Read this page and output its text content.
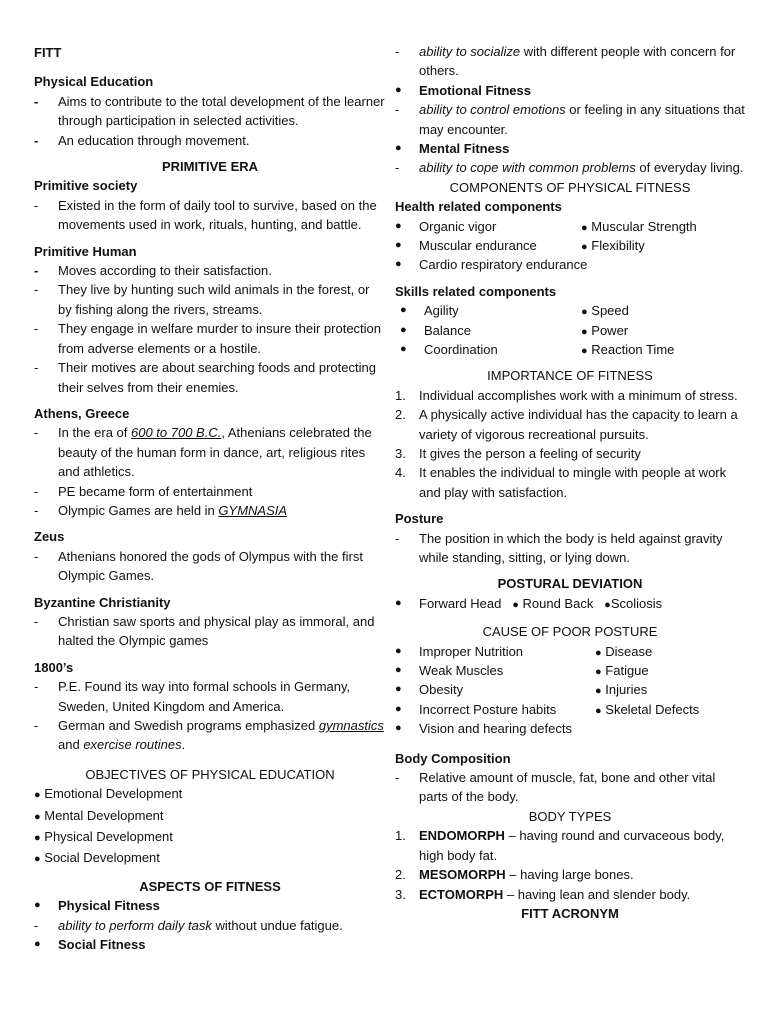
FITT
Physical Education
-	Aims to contribute to the total development of the learner through participation in selected activities.
-	An education through movement.
PRIMITIVE ERA
Primitive society
-	Existed in the form of daily tool to survive, based on the movements used in work, rituals, hunting, and battle.
Primitive Human
-	Moves according to their satisfaction.
-	They live by hunting such wild animals in the forest, or by fishing along the rivers, streams.
-	They engage in welfare murder to insure their protection from adverse elements or a hostile.
-	Their motives are about searching foods and protecting their selves from their enemies.
Athens, Greece
-	In the era of 600 to 700 B.C., Athenians celebrated the beauty of the human form in dance, art, religious rites and athletics.
-	PE became form of entertainment
-	Olympic Games are held in GYMNASIA
Zeus
-	Athenians honored the gods of Olympus with the first Olympic Games.
Byzantine Christianity
-	Christian saw sports and physical play as immoral, and halted the Olympic games
1800’s
-	P.E. Found its way into formal schools in Germany, Sweden, United Kingdom and America.
-	German and Swedish programs emphasized gymnastics and exercise routines.
OBJECTIVES OF PHYSICAL EDUCATION
● Emotional Development
● Mental Development
● Physical Development
● Social Development
ASPECTS OF FITNESS
●	Physical Fitness
-	ability to perform daily task without undue fatigue.
●	Social Fitness
-	ability to socialize with different people with concern for others.
●	Emotional Fitness
-	ability to control emotions or feeling in any situations that may encounter.
●	Mental Fitness
-	ability to cope with common problems of everyday living.
COMPONENTS OF PHYSICAL FITNESS
Health related components
●	Organic vigor	● Muscular Strength
●	Muscular endurance	● Flexibility
●	Cardio respiratory endurance
Skills related components
●	Agility	● Speed
●	Balance	● Power
●	Coordination	● Reaction Time
IMPORTANCE OF FITNESS
1.	Individual accomplishes work with a minimum of stress.
2.	A physically active individual has the capacity to learn a variety of vigorous recreational pursuits.
3.	It gives the person a feeling of security
4.	It enables the individual to mingle with people at work and play with satisfaction.
Posture
-	The position in which the body is held against gravity while standing, sitting, or lying down.
POSTURAL DEVIATION
●	Forward Head ● Round Back ●Scoliosis
CAUSE OF POOR POSTURE
●	Improper Nutrition	● Disease
●	Weak Muscles	● Fatigue
●	Obesity	● Injuries
●	Incorrect Posture habits	● Skeletal Defects
●	Vision and hearing defects
Body Composition
-	Relative amount of muscle, fat, bone and other vital parts of the body.
BODY TYPES
1.	ENDOMORPH – having round and curvaceous body, high body fat.
2.	MESOMORPH – having large bones.
3.	ECTOMORPH – having lean and slender body.
FITT ACRONYM
